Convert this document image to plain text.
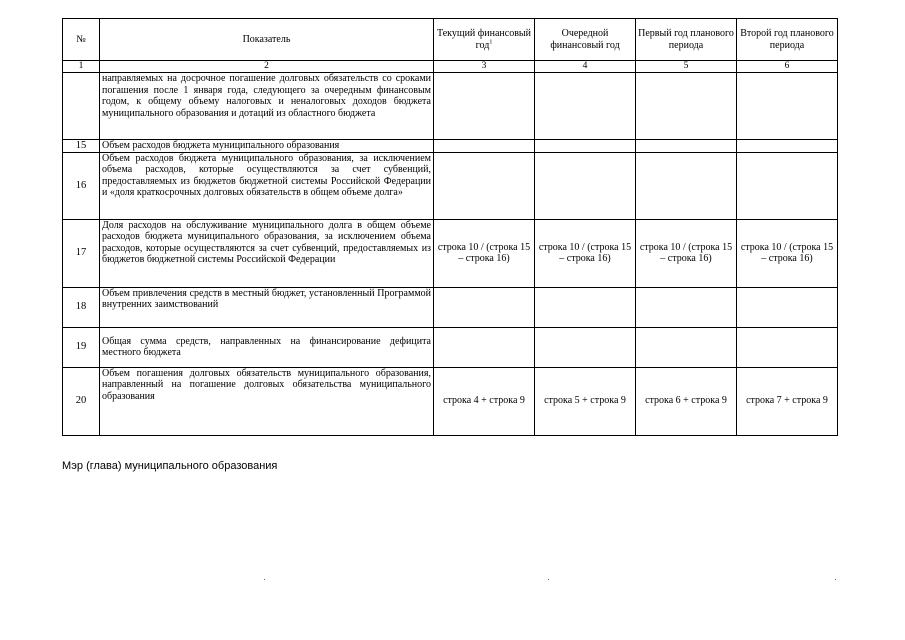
№	Показатель	Текущий финансовый год$^1$	Очередной финансовый год	Первый год планового периода	Второй год планового периода
1	2	3	4	5	6
	направляемых на досрочное погашение долговых обязательств со сроками погашения после 1 января года, следующего за очередным финансовым годом, к общему объему налоговых и неналоговых доходов бюджета муниципального образования и дотаций из областного бюджета				
15	Объем расходов бюджета муниципального образования				
16	Объем расходов бюджета муниципального образования, за исключением объема расходов, которые осуществляются за счет субвенций, предоставляемых из бюджетов бюджетной системы Российской Федерации и «доля краткосрочных долговых обязательств в общем объеме долга»				
17	Доля расходов на обслуживание муниципального долга в общем объеме расходов бюджета муниципального образования, за исключением объема расходов, которые осуществляются за счет субвенций, предоставляемых из бюджетов бюджетной системы Российской Федерации	строка 10 / (строка 15 – строка 16)	строка 10 / (строка 15 – строка 16)	строка 10 / (строка 15 – строка 16)	строка 10 / (строка 15 – строка 16)
18	Объем привлечения средств в местный бюджет, установленный Программой внутренних заимствований				
19	Общая сумма средств, направленных на финансирование дефицита местного бюджета				
20	Объем погашения долговых обязательств муниципального образования, направленный на погашение долговых обязательства муниципального образования	строка 4 + строка 9	строка 5 + строка 9	строка 6 + строка 9	строка 7 + строка 9
Мэр (глава) муниципального образования
